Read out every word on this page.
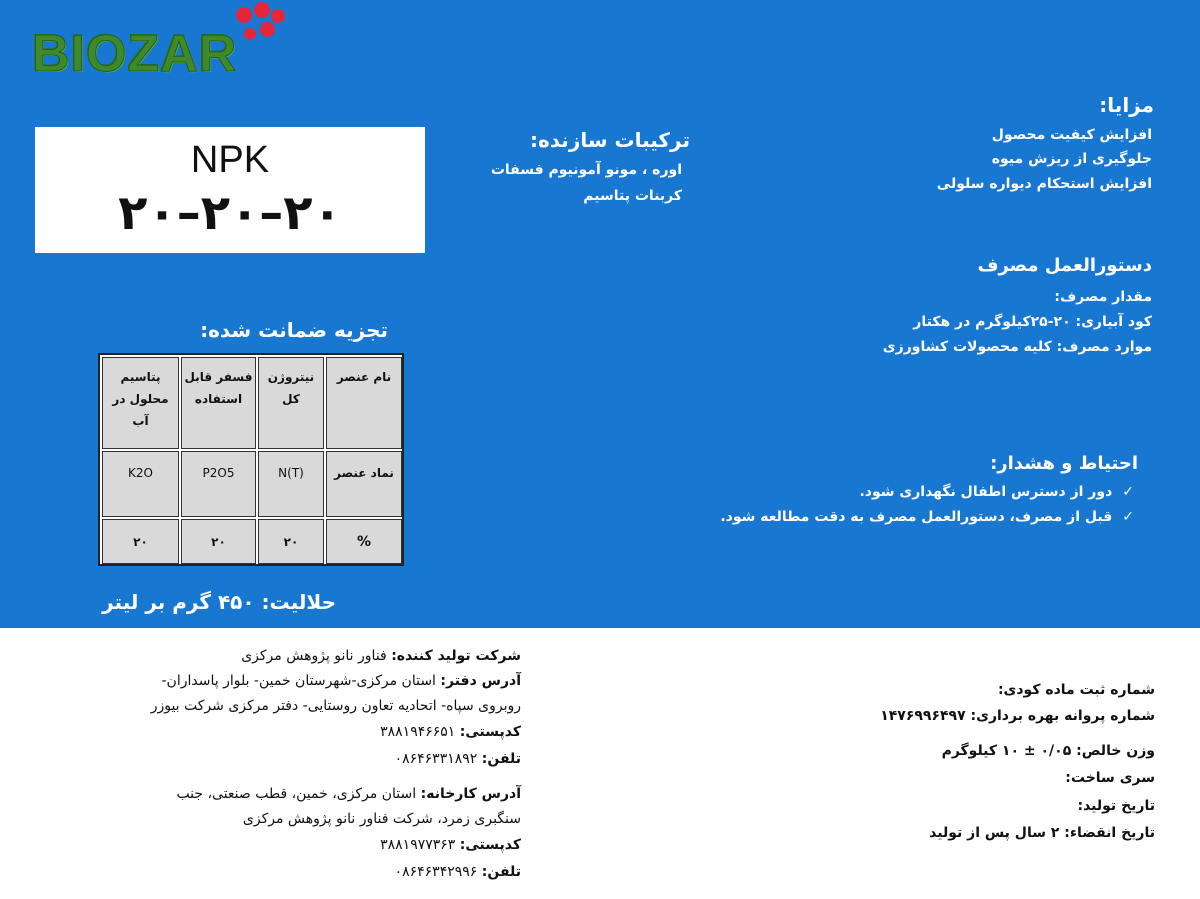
BIOZAR
NPK
۲۰–۲۰–۲۰
ترکیبات سازنده:
اوره ، مونو آمونیوم فسفات
کربنات پتاسیم
مزایا:
افزایش کیفیت محصول
جلوگیری از ریزش میوه
افزایش استحکام دیواره سلولی
دستورالعمل مصرف
مقدار مصرف:
کود آبیاری: ۲۰-۲۵کیلوگرم در هکتار
موارد مصرف: کلیه محصولات کشاورزی
احتیاط و هشدار:
✓دور از دسترس اطفال نگهداری شود.
✓قبل از مصرف، دستورالعمل مصرف به دقت مطالعه شود.
تجزیه ضمانت شده:
نام عنصر
نیتروژن کل
فسفر قابل استفاده
پتاسیم محلول در آب
نماد عنصر
N(T)
P2O5
K2O
%
۲۰
۲۰
۲۰
حلالیت: ۴۵۰ گرم بر لیتر
شرکت تولید کننده: فناور نانو پژوهش مرکزی
آدرس دفتر: استان مرکزی-شهرستان خمین- بلوار پاسداران-
روبروی سپاه- اتحادیه تعاون روستایی- دفتر مرکزی شرکت بیوزر
کدپستی: ۳۸۸۱۹۴۶۶۵۱
تلفن: ۰۸۶۴۶۳۳۱۸۹۲
آدرس کارخانه: استان مرکزی، خمین، قطب صنعتی، جنب
سنگبری زمرد، شرکت فناور نانو پژوهش مرکزی
کدپستی: ۳۸۸۱۹۷۷۳۶۳
تلفن: ۰۸۶۴۶۳۴۲۹۹۶
شماره ثبت ماده کودی:
شماره پروانه بهره برداری: ۱۴۷۶۹۹۶۴۹۷
وزن خالص: ۰/۰۵ ± ۱۰ کیلوگرم
سری ساخت:
تاریخ تولید:
تاریخ انقضاء: ۲ سال پس از تولید
